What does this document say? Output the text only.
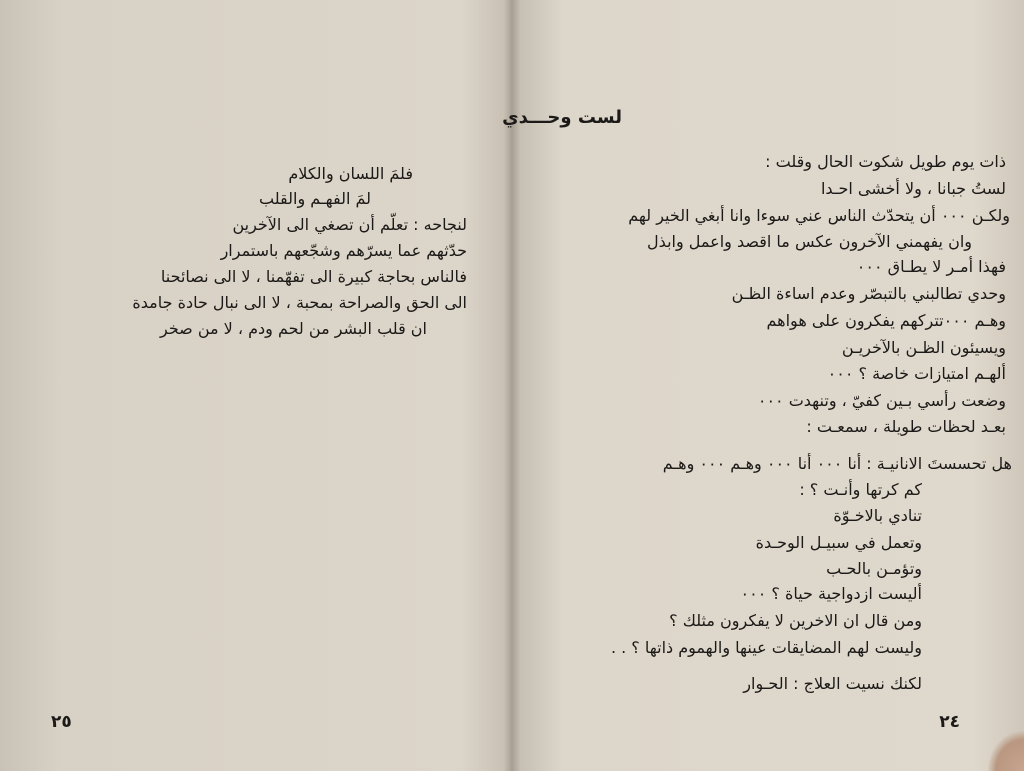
فلمَ اللسان والكلام
لمَ الفهـم والقلب
لنجاحه : تعلّم أن تصغي الى الآخرين
حدّثهم عما يسرّهم وشجّعهم باستمرار
فالناس بحاجة كبيرة الى تفهّمنا ، لا الى نصائحنا
الى الحق والصراحة بمحبة ، لا الى نبال حادة جامدة
ان قلب البشر من لحم ودم ، لا من صخر
٢٥
لست وحـــدي
ذات يوم طويل شكوت الحال وقلت :
لستُ جبانا ، ولا أخشى احـدا
ولكـن ٠٠٠ أن يتحدّث الناس عني سوءا وانا أبغي الخير لهم
وان يفهمني الآخرون عكس ما اقصد واعمل وابذل
فهذا أمـر لا يطـاق ٠٠٠
وحدي تطالبني بالتبصّر وعدم اساءة الظـن
وهـم ٠٠٠تتركهم يفكرون على هواهم
ويسيئون الظـن بالآخريـن
ألهـم امتيازات خاصة ؟ ٠٠٠
وضعت رأسي بـين كفيّ ، وتنهدت ٠٠٠
بعـد لحظات طويلة ، سمعـت :
هل تحسستَ الانانيـة : أنا ٠٠٠ أنا ٠٠٠ وهـم ٠٠٠ وهـم
كم كرتها وأنـت ؟ :
تنادي بالاخـوّة
وتعمل في سبيـل الوحـدة
وتؤمـن بالحـب
أليست ازدواجية حياة ؟ ٠٠٠
ومن قال ان الاخرين لا يفكرون مثلك ؟
وليست لهم المضايقات عينها والهموم ذاتها ؟ . .
لكنك نسيت العلاج : الحـوار
٢٤
